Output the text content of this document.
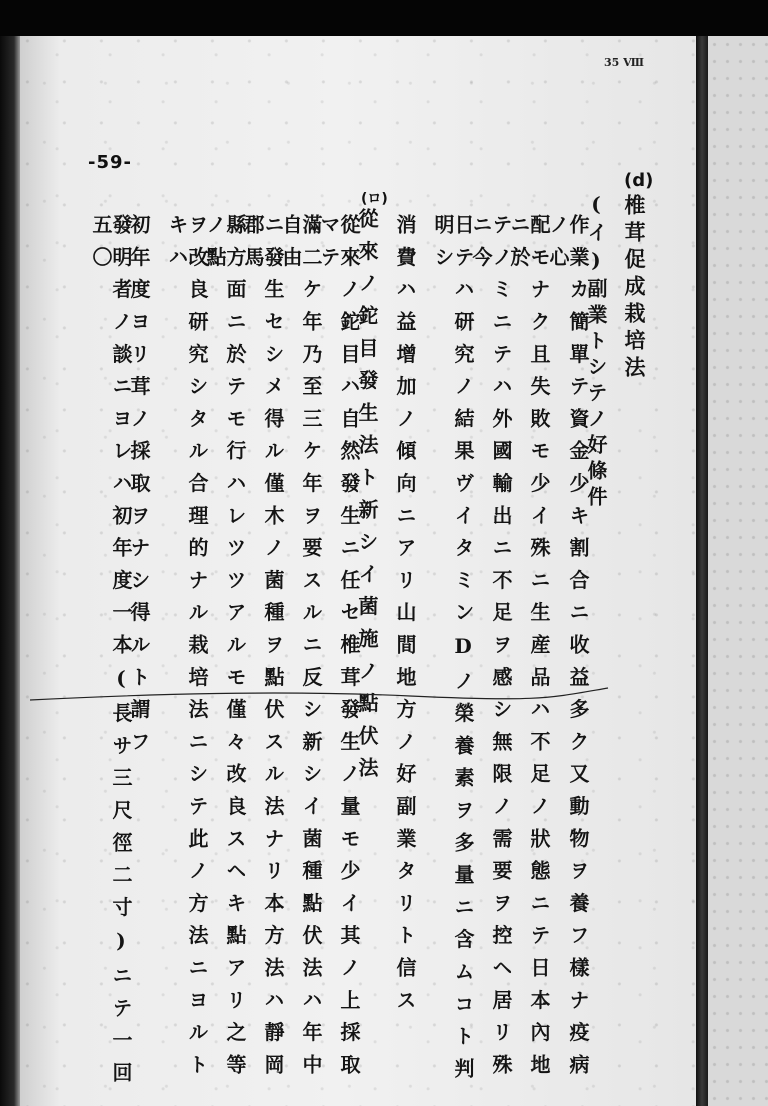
35 Ⅷ
-59-
(d)
(ロ)	椎茸促成栽培法
(イ)副業トシテノ好條件
作業カ簡單テ資金少キ割合ニ收益多ク又動物ヲ養フ樣ナ疫病ノ心
配モナク且失敗モ少イ殊ニ生産品ハ不足ノ狀態ニテ日本內地ニ於
テノミニテハ外國輸出ニ不足ヲ感シ無限ノ需要ヲ控ヘ居リ殊ニ今
日テハ研究ノ結果ヴイタミンDノ榮養素ヲ多量ニ含ムコト判明シ
消費ハ益增加ノ傾向ニアリ山間地方ノ好副業タリト信ス
從來ノ鉈目發生法ト新シイ菌施ノ點伏法
從來ノ鉈目ハ自然發生ニ任セ椎茸發生ノ量モ少イ其ノ上採取マテ
滿二ケ年乃至三ケ年ヲ要スルニ反シ新シイ菌種點伏法ハ年中自由
ニ發生セシメ得ル僅木ノ菌種ヲ點伏スル法ナリ本方法ハ靜岡郡馬
縣方面ニ於テモ行ハレツツアルモ僅々改良スヘキ點アリ之等ノ點
ヲ改良研究シタル合理的ナル栽培法ニシテ此ノ方法ニヨルトキハ
初年度ヨリ茸ノ採取ヲナシ得ルト謂フ
發明者ノ談ニヨレハ初年度一本(長サ三尺徑二寸)ニテ一回五〇
